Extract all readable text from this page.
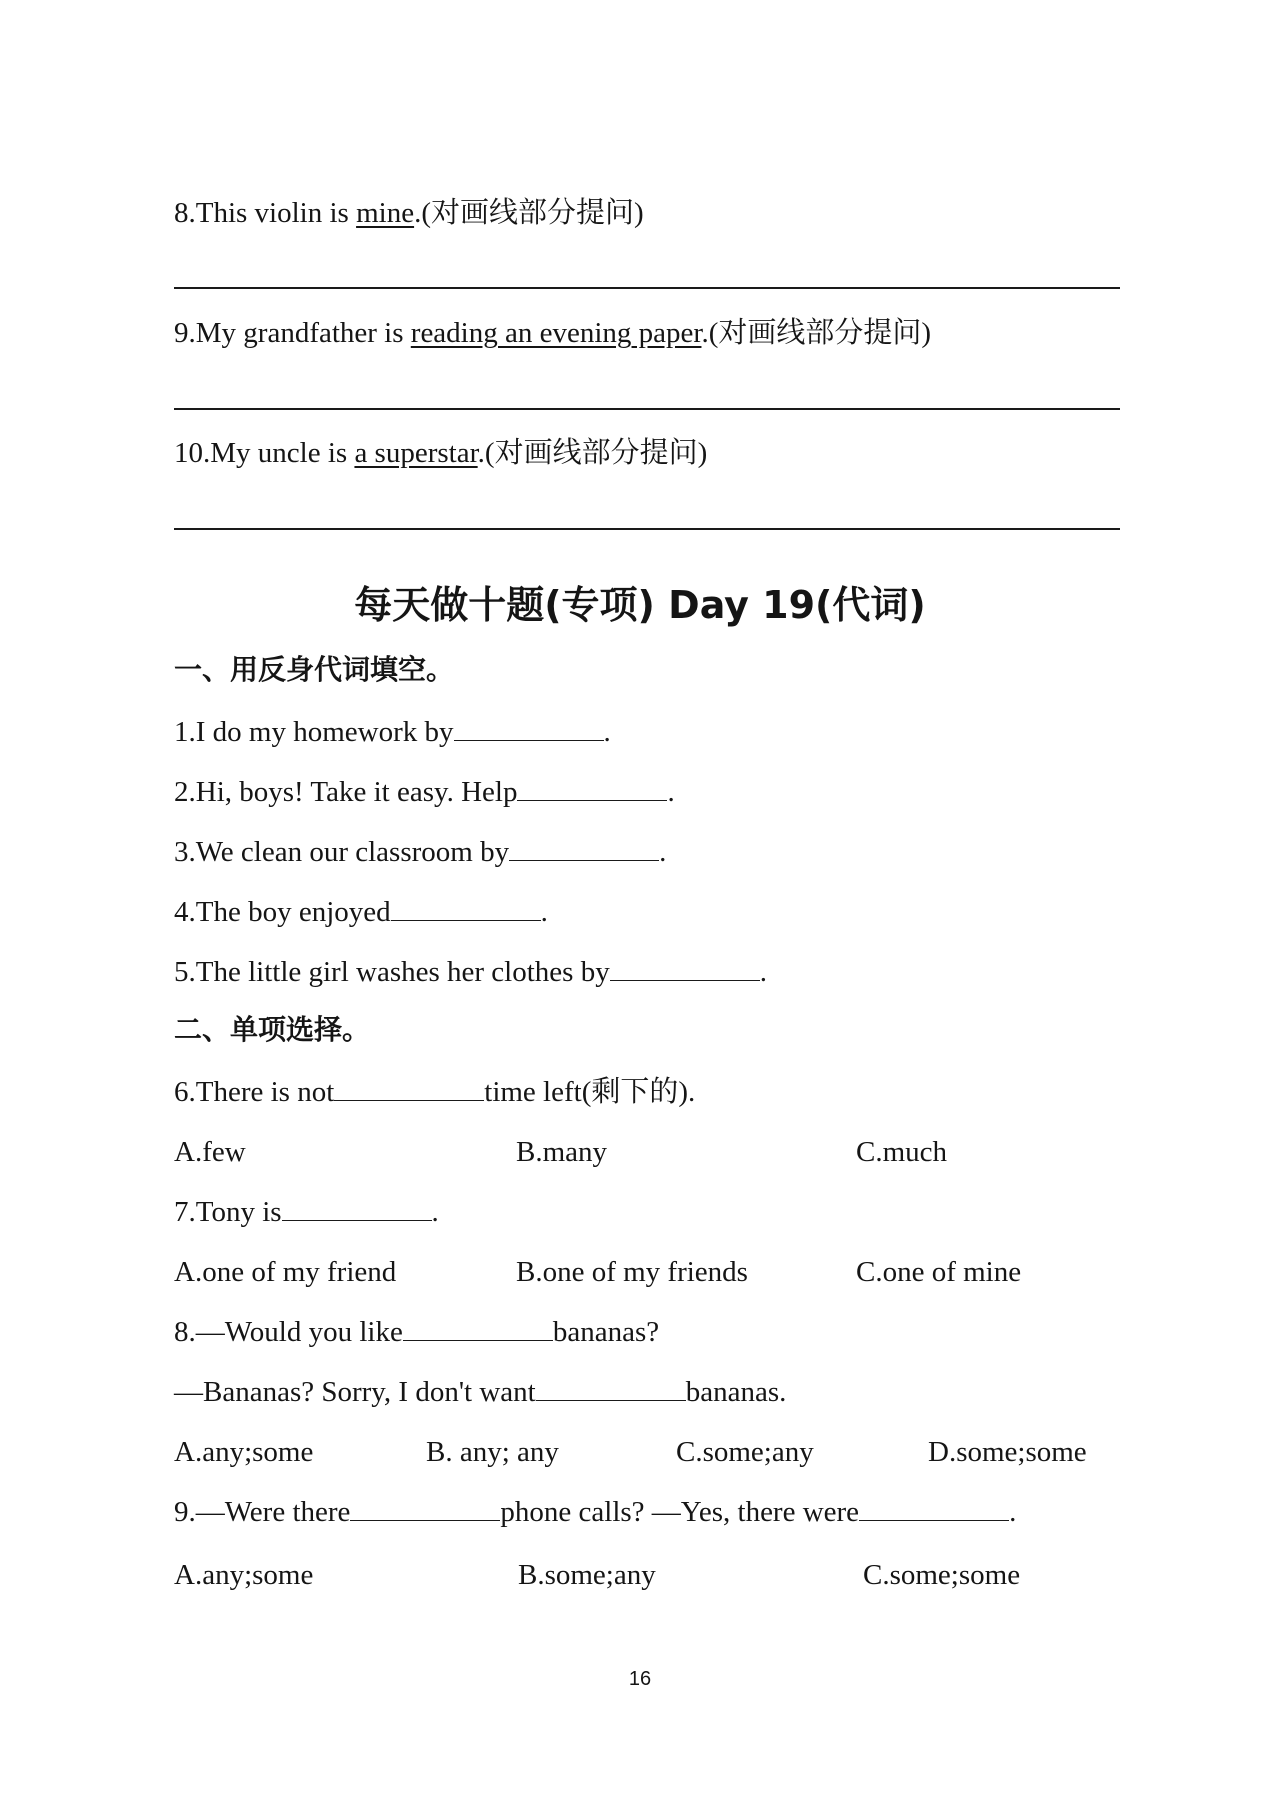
8.This violin is mine.(对画线部分提问)
9.My grandfather is reading an evening paper.(对画线部分提问)
10.My uncle is a superstar.(对画线部分提问)
每天做十题(专项) Day 19(代词)
一、用反身代词填空。
1.I do my homework by	.
2.Hi, boys! Take it easy. Help	.
3.We clean our classroom by	.
4.The boy enjoyed	.
5.The little girl washes her clothes by	.
二、单项选择。
6.There is not	time left(剩下的).
A.few	B.many	C.much
7.Tony is	.
A.one of my friend	B.one of my friends	C.one of mine
8.—Would you like	bananas?
—Bananas? Sorry, I don't want	bananas.
A.any;some	B. any; any	C.some;any	D.some;some
9.—Were there	phone calls? —Yes, there were	.
A.any;some	B.some;any	C.some;some
16
